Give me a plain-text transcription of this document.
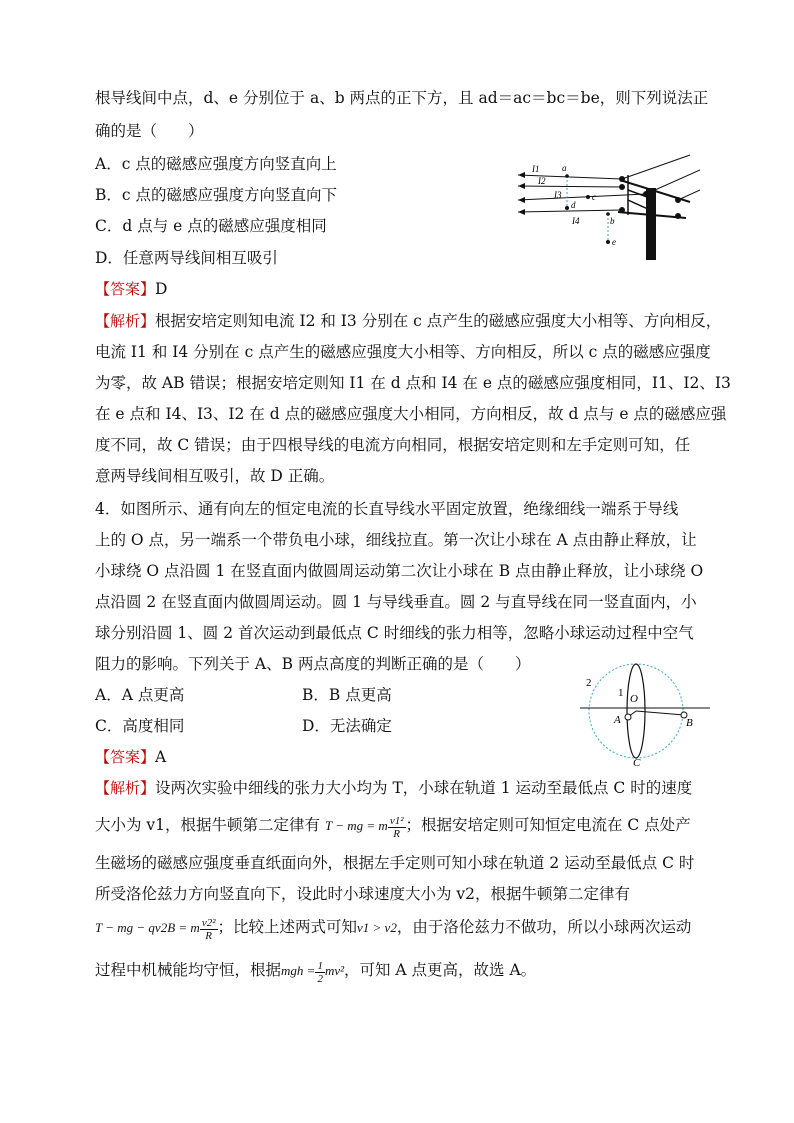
根导线间中点，d、e 分别位于 a、b 两点的正下方，且 ad＝ac＝bc＝be，则下列说法正
确的是（　　）
A．c 点的磁感应强度方向竖直向上
B．c 点的磁感应强度方向竖直向下
C．d 点与 e 点的磁感应强度相同
D．任意两导线间相互吸引
I1
I2
I3
I4
a
c
d
b
e
【答案】D
【解析】根据安培定则知电流 I2 和 I3 分别在 c 点产生的磁感应强度大小相等、方向相反，
电流 I1 和 I4 分别在 c 点产生的磁感应强度大小相等、方向相反，所以 c 点的磁感应强度
为零，故 AB 错误；根据安培定则知 I1 在 d 点和 I4 在 e 点的磁感应强度相同，I1、I2、I3
在 e 点和 I4、I3、I2 在 d 点的磁感应强度大小相同，方向相反，故 d 点与 e 点的磁感应强
度不同，故 C 错误；由于四根导线的电流方向相同，根据安培定则和左手定则可知，任
意两导线间相互吸引，故 D 正确。
4．如图所示、通有向左的恒定电流的长直导线水平固定放置，绝缘细线一端系于导线
上的 O 点，另一端系一个带负电小球，细线拉直。第一次让小球在 A 点由静止释放，让
小球绕 O 点沿圆 1 在竖直面内做圆周运动第二次让小球在 B 点由静止释放，让小球绕 O
点沿圆 2 在竖直面内做圆周运动。圆 1 与导线垂直。圆 2 与直导线在同一竖直面内，小
球分别沿圆 1、圆 2 首次运动到最低点 C 时细线的张力相等，忽略小球运动过程中空气
阻力的影响。下列关于 A、B 两点高度的判断正确的是（　　）
A．A 点更高	B．B 点更高
C．高度相同	D．无法确定
2
1 O
A	B
C
【答案】A
【解析】设两次实验中细线的张力大小均为 T，小球在轨道 1 运动至最低点 C 时的速度
大小为 v1，根据牛顿第二定律有 T − mg = m $\frac{\text{v1²}}{R}$ ；根据安培定则可知恒定电流在 C 点处产
生磁场的磁感应强度垂直纸面向外，根据左手定则可知小球在轨道 2 运动至最低点 C 时
所受洛伦兹力方向竖直向下，设此时小球速度大小为 v2，根据牛顿第二定律有
T − mg − qv2B = m $\frac{\text{v2²}}{R}$ ；比较上述两式可知v1 > v2，由于洛伦兹力不做功，所以小球两次运动
过程中机械能均守恒，根据mgh = $\frac{1}{2} mv^2$，可知 A 点更高，故选 A。
